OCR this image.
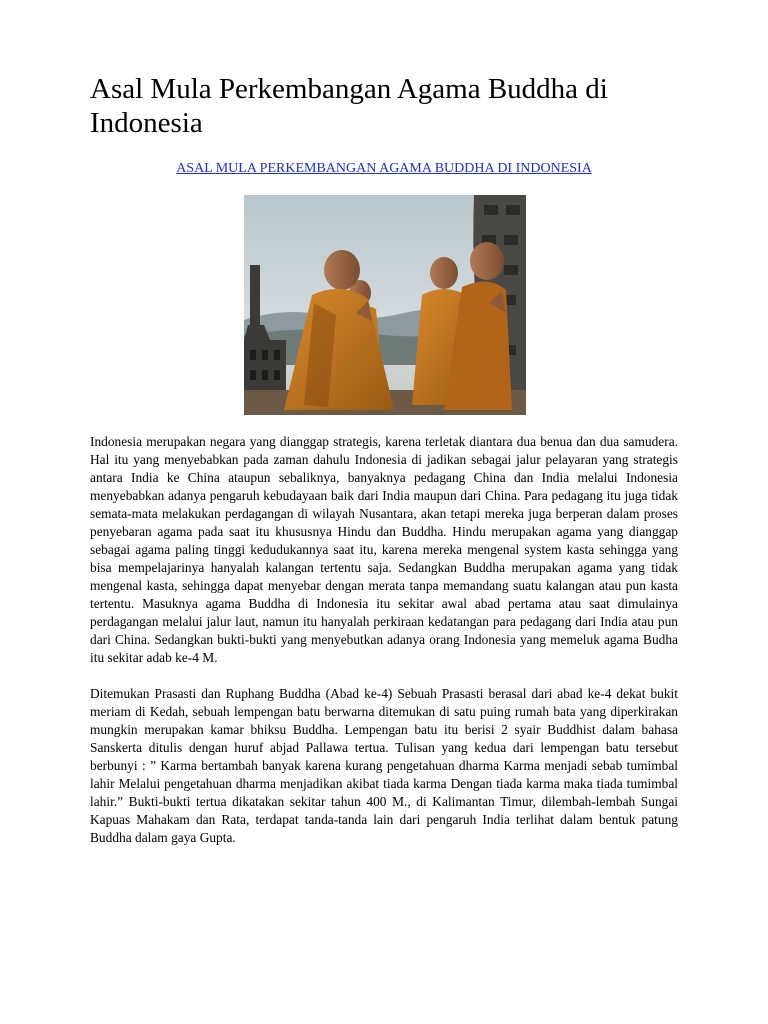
Asal Mula Perkembangan Agama Buddha di Indonesia
ASAL MULA PERKEMBANGAN AGAMA BUDDHA DI INDONESIA

Indonesia merupakan negara yang dianggap strategis, karena terletak diantara dua benua dan dua samudera. Hal itu yang menyebabkan pada zaman dahulu Indonesia di jadikan sebagai jalur pelayaran yang strategis antara India ke China ataupun sebaliknya, banyaknya pedagang China dan India melalui Indonesia menyebabkan adanya pengaruh kebudayaan baik dari India maupun dari China. Para pedagang itu juga tidak semata-mata melakukan perdagangan di wilayah Nusantara, akan tetapi mereka juga berperan dalam proses penyebaran agama pada saat itu khususnya Hindu dan Buddha. Hindu merupakan agama yang dianggap sebagai agama paling tinggi kedudukannya saat itu, karena mereka mengenal system kasta sehingga yang bisa mempelajarinya hanyalah kalangan tertentu saja. Sedangkan Buddha merupakan agama yang tidak mengenal kasta, sehingga dapat menyebar dengan merata tanpa memandang suatu kalangan atau pun kasta tertentu. Masuknya agama Buddha di Indonesia itu sekitar awal abad pertama atau saat dimulainya perdagangan melalui jalur laut, namun itu hanyalah perkiraan kedatangan para pedagang dari India atau pun dari China. Sedangkan bukti-bukti yang menyebutkan adanya orang Indonesia yang memeluk agama Budha itu sekitar adab ke-4 M.

Ditemukan Prasasti dan Ruphang Buddha (Abad ke-4) Sebuah Prasasti berasal dari abad ke-4 dekat bukit meriam di Kedah, sebuah lempengan batu berwarna ditemukan di satu puing rumah bata yang diperkirakan mungkin merupakan kamar bhiksu Buddha. Lempengan batu itu berisi 2 syair Buddhist dalam bahasa Sanskerta ditulis dengan huruf abjad Pallawa tertua. Tulisan yang kedua dari lempengan batu tersebut berbunyi : ” Karma bertambah banyak karena kurang pengetahuan dharma Karma menjadi sebab tumimbal lahir Melalui pengetahuan dharma menjadikan akibat tiada karma Dengan tiada karma maka tiada tumimbal lahir.” Bukti-bukti tertua dikatakan sekitar tahun 400 M., di Kalimantan Timur, dilembah-lembah Sungai Kapuas Mahakam dan Rata, terdapat tanda-tanda lain dari pengaruh India terlihat dalam bentuk patung Buddha dalam gaya Gupta.
